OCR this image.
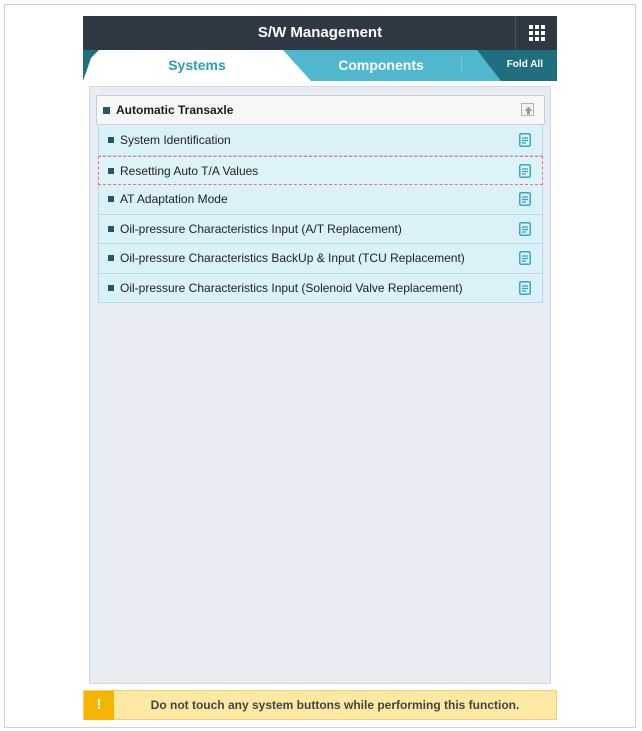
S/W Management
Systems	Components	Fold All
Automatic Transaxle
System Identification
Resetting Auto T/A Values
AT Adaptation Mode
Oil-pressure Characteristics Input (A/T Replacement)
Oil-pressure Characteristics BackUp & Input (TCU Replacement)
Oil-pressure Characteristics Input (Solenoid Valve Replacement)
!	Do not touch any system buttons while performing this function.
